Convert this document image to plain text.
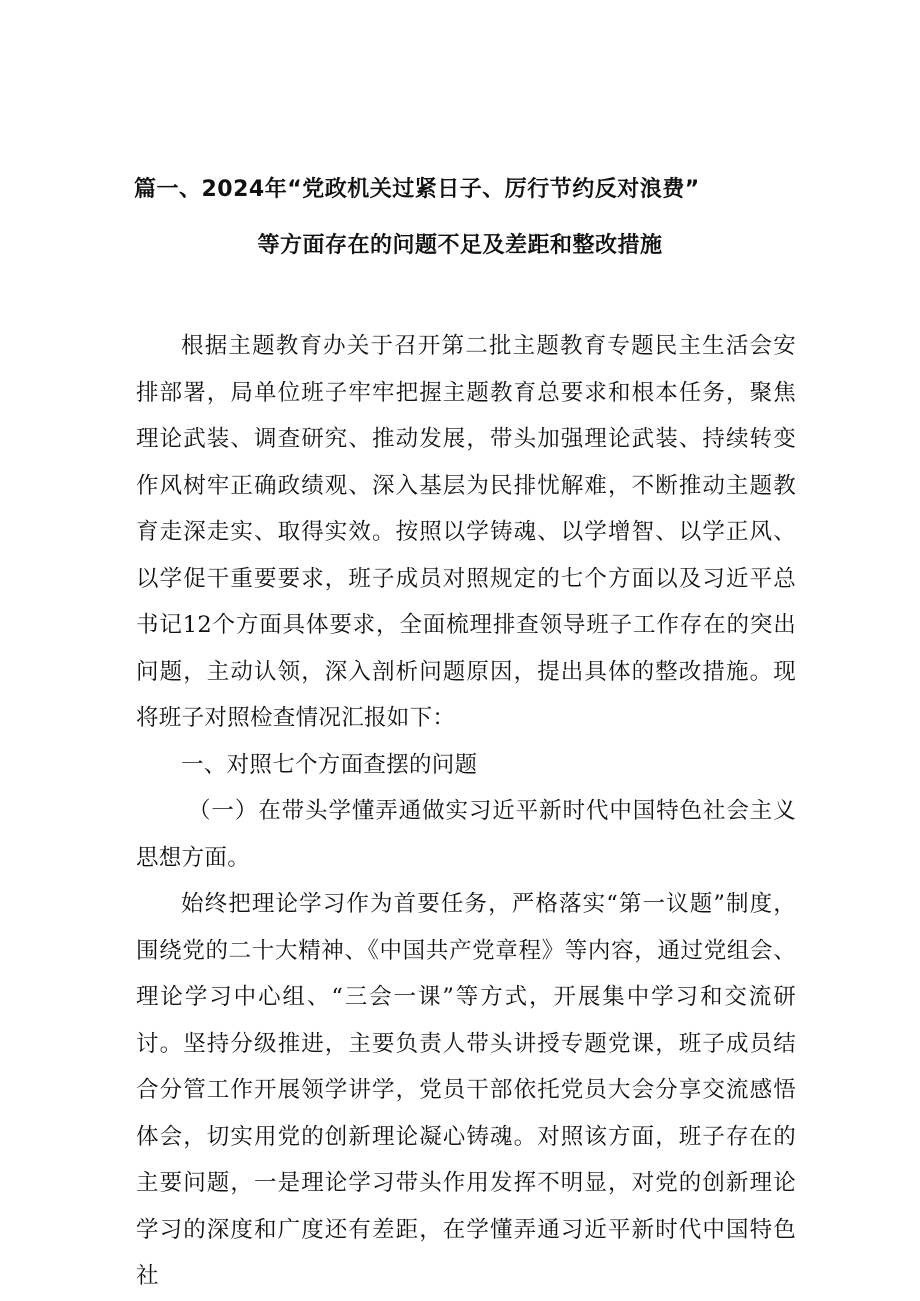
篇一、2024年“党政机关过紧日子、厉行节约反对浪费”
等方面存在的问题不足及差距和整改措施

根据主题教育办关于召开第二批主题教育专题民主生活会安排部署，局单位班子牢牢把握主题教育总要求和根本任务，聚焦理论武装、调查研究、推动发展，带头加强理论武装、持续转变作风树牢正确政绩观、深入基层为民排忧解难，不断推动主题教育走深走实、取得实效。按照以学铸魂、以学增智、以学正风、以学促干重要要求，班子成员对照规定的七个方面以及习近平总书记12个方面具体要求，全面梳理排查领导班子工作存在的突出问题，主动认领，深入剖析问题原因，提出具体的整改措施。现将班子对照检查情况汇报如下：

一、对照七个方面查摆的问题

（一）在带头学懂弄通做实习近平新时代中国特色社会主义思想方面。

始终把理论学习作为首要任务，严格落实“第一议题”制度，围绕党的二十大精神、《中国共产党章程》等内容，通过党组会、理论学习中心组、“三会一课”等方式，开展集中学习和交流研讨。坚持分级推进，主要负责人带头讲授专题党课，班子成员结合分管工作开展领学讲学，党员干部依托党员大会分享交流感悟体会，切实用党的创新理论凝心铸魂。对照该方面，班子存在的主要问题，一是理论学习带头作用发挥不明显，对党的创新理论学习的深度和广度还有差距，在学懂弄通习近平新时代中国特色社
